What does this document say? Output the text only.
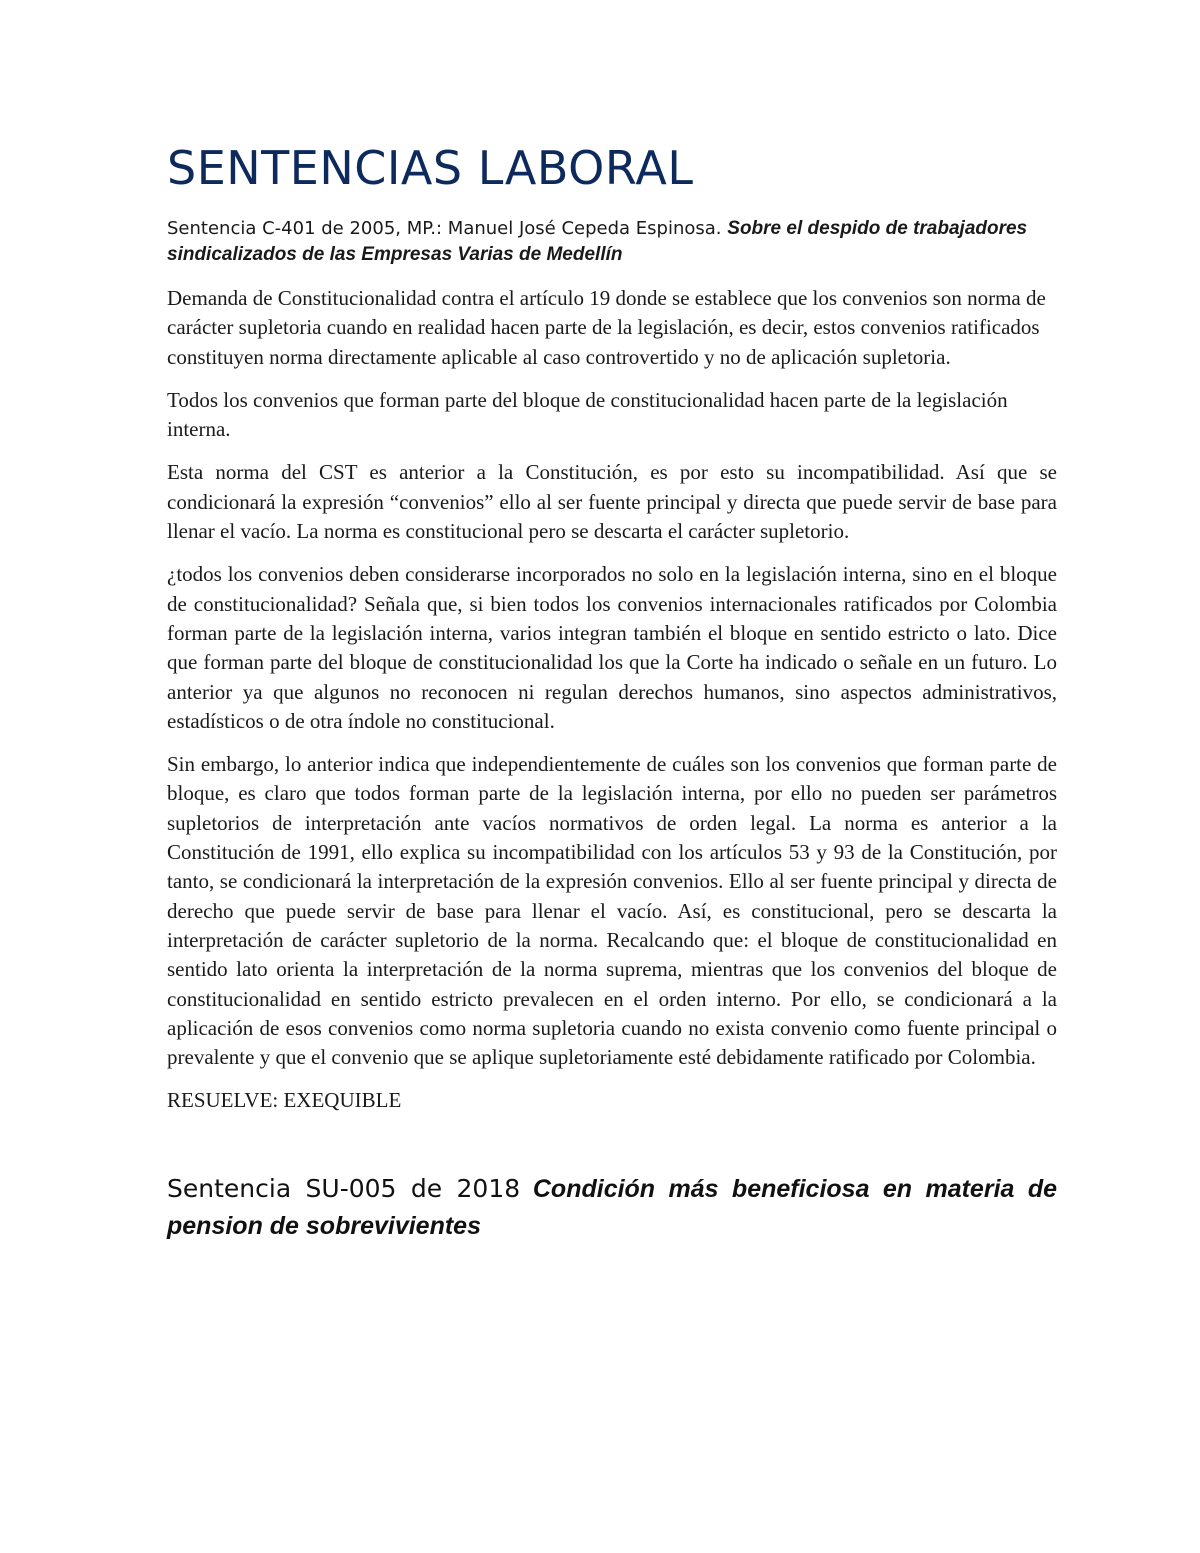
SENTENCIAS LABORAL

Sentencia C-401 de 2005, MP.: Manuel José Cepeda Espinosa. Sobre el despido de trabajadores sindicalizados de las Empresas Varias de Medellín

Demanda de Constitucionalidad contra el artículo 19 donde se establece que los convenios son norma de carácter supletoria cuando en realidad hacen parte de la legislación, es decir, estos convenios ratificados constituyen norma directamente aplicable al caso controvertido y no de aplicación supletoria.

Todos los convenios que forman parte del bloque de constitucionalidad hacen parte de la legislación interna.

Esta norma del CST es anterior a la Constitución, es por esto su incompatibilidad. Así que se condicionará la expresión “convenios” ello al ser fuente principal y directa que puede servir de base para llenar el vacío. La norma es constitucional pero se descarta el carácter supletorio.

¿todos los convenios deben considerarse incorporados no solo en la legislación interna, sino en el bloque de constitucionalidad? Señala que, si bien todos los convenios internacionales ratificados por Colombia forman parte de la legislación interna, varios integran también el bloque en sentido estricto o lato. Dice que forman parte del bloque de constitucionalidad los que la Corte ha indicado o señale en un futuro. Lo anterior ya que algunos no reconocen ni regulan derechos humanos, sino aspectos administrativos, estadísticos o de otra índole no constitucional.

Sin embargo, lo anterior indica que independientemente de cuáles son los convenios que forman parte de bloque, es claro que todos forman parte de la legislación interna, por ello no pueden ser parámetros supletorios de interpretación ante vacíos normativos de orden legal. La norma es anterior a la Constitución de 1991, ello explica su incompatibilidad con los artículos 53 y 93 de la Constitución, por tanto, se condicionará la interpretación de la expresión convenios. Ello al ser fuente principal y directa de derecho que puede servir de base para llenar el vacío. Así, es constitucional, pero se descarta la interpretación de carácter supletorio de la norma. Recalcando que: el bloque de constitucionalidad en sentido lato orienta la interpretación de la norma suprema, mientras que los convenios del bloque de constitucionalidad en sentido estricto prevalecen en el orden interno. Por ello, se condicionará a la aplicación de esos convenios como norma supletoria cuando no exista convenio como fuente principal o prevalente y que el convenio que se aplique supletoriamente esté debidamente ratificado por Colombia.

RESUELVE: EXEQUIBLE

Sentencia SU-005 de 2018 Condición más beneficiosa en materia de pension de sobrevivientes
